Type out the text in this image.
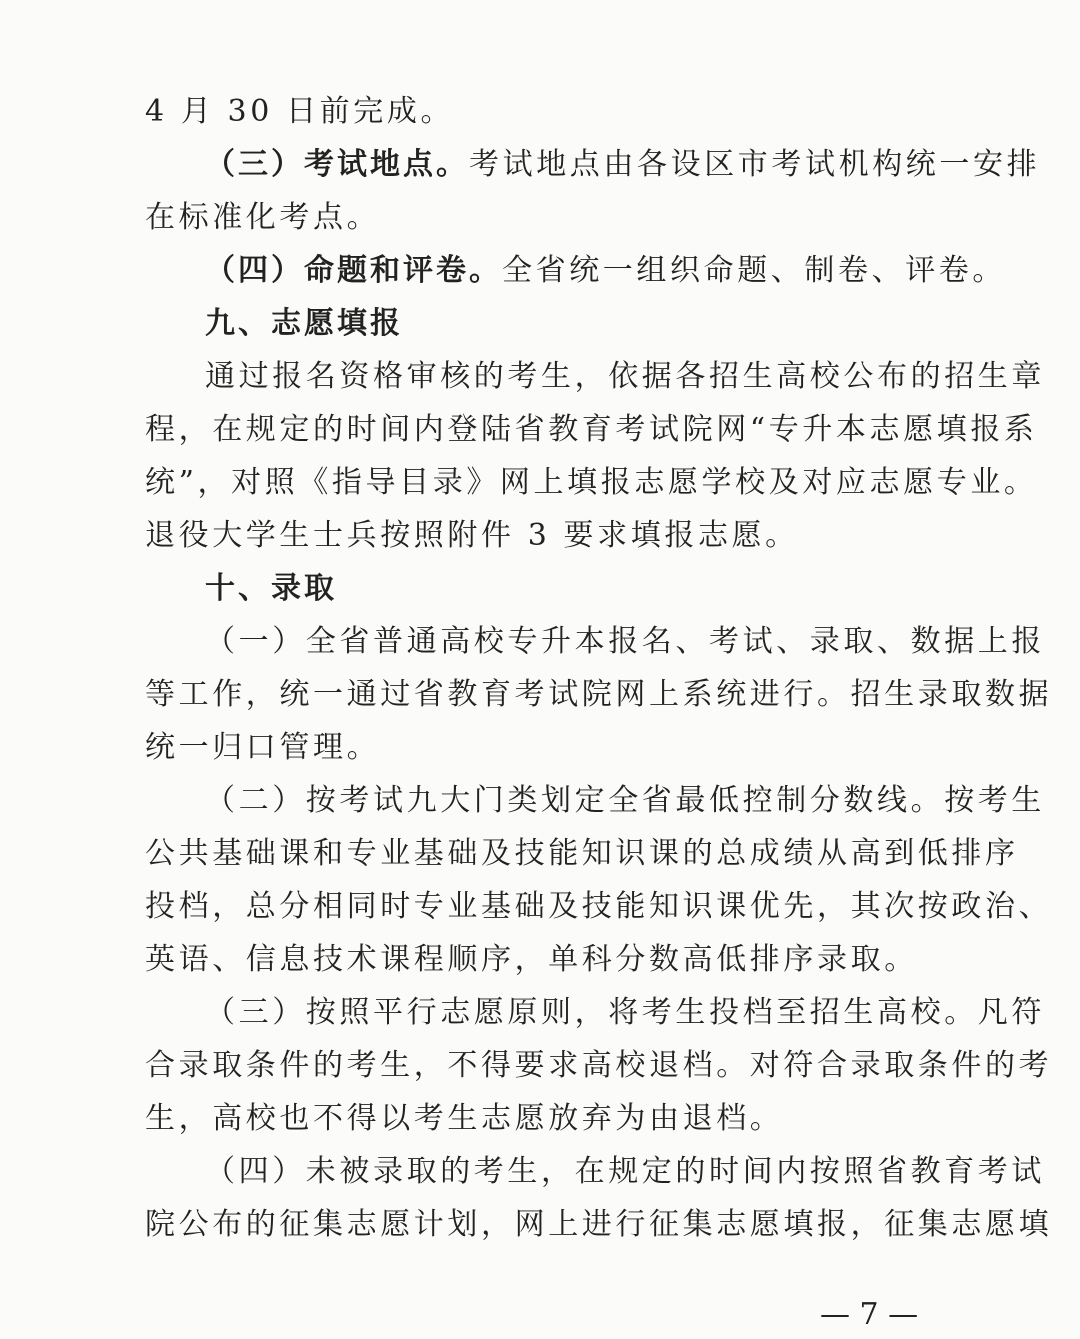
4 月 30 日前完成。
（三）考试地点。考试地点由各设区市考试机构统一安排
在标准化考点。
（四）命题和评卷。全省统一组织命题、制卷、评卷。
九、志愿填报
通过报名资格审核的考生，依据各招生高校公布的招生章
程，在规定的时间内登陆省教育考试院网“专升本志愿填报系
统”，对照《指导目录》网上填报志愿学校及对应志愿专业。
退役大学生士兵按照附件 3 要求填报志愿。
十、录取
（一）全省普通高校专升本报名、考试、录取、数据上报
等工作，统一通过省教育考试院网上系统进行。招生录取数据
统一归口管理。
（二）按考试九大门类划定全省最低控制分数线。按考生
公共基础课和专业基础及技能知识课的总成绩从高到低排序
投档，总分相同时专业基础及技能知识课优先，其次按政治、
英语、信息技术课程顺序，单科分数高低排序录取。
（三）按照平行志愿原则，将考生投档至招生高校。凡符
合录取条件的考生，不得要求高校退档。对符合录取条件的考
生，高校也不得以考生志愿放弃为由退档。
（四）未被录取的考生，在规定的时间内按照省教育考试
院公布的征集志愿计划，网上进行征集志愿填报，征集志愿填
— 7 —
